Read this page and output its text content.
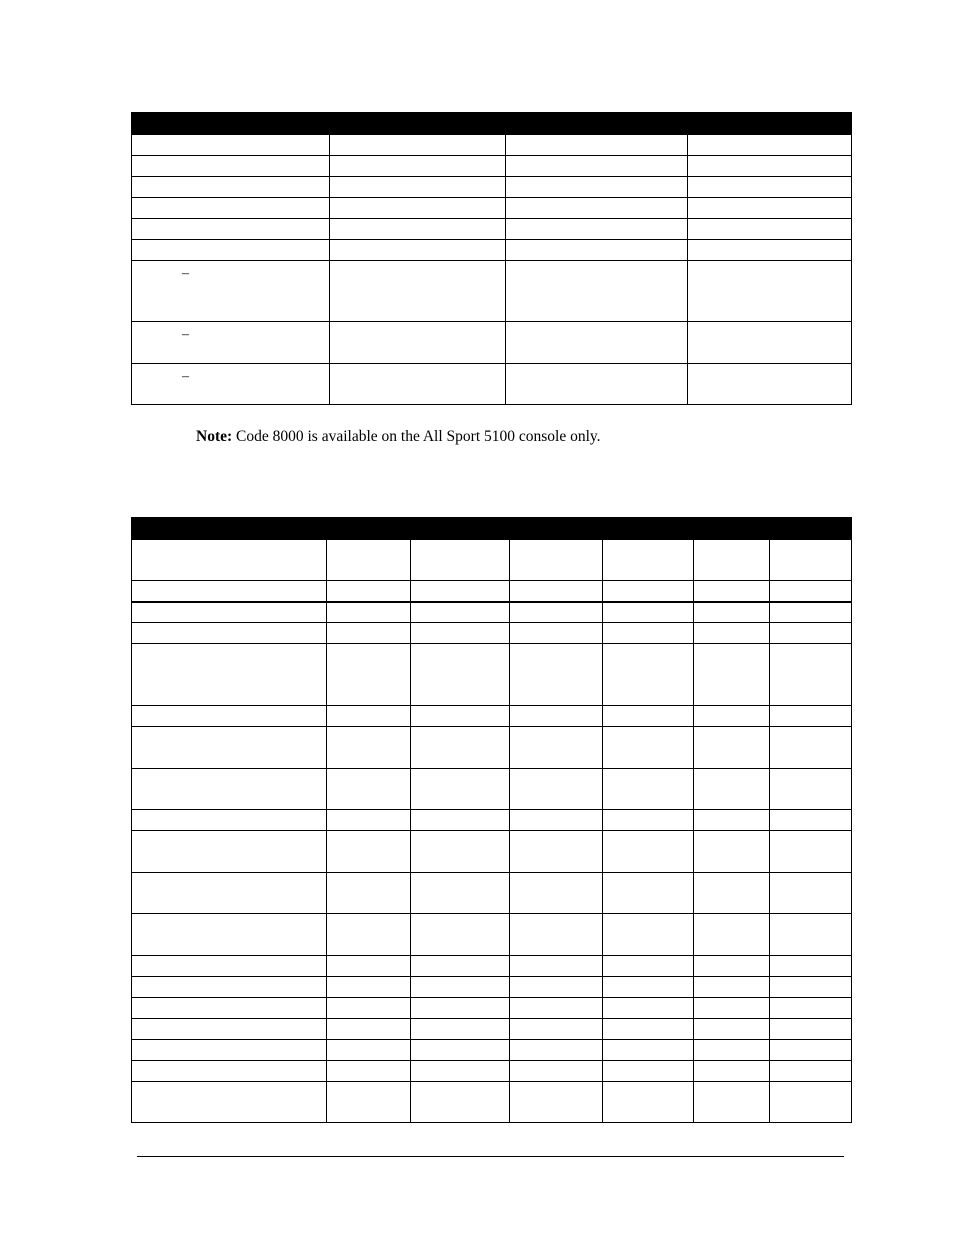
–			

–			

–			

Note: Code 8000 is available on the All Sport 5100 console only.
